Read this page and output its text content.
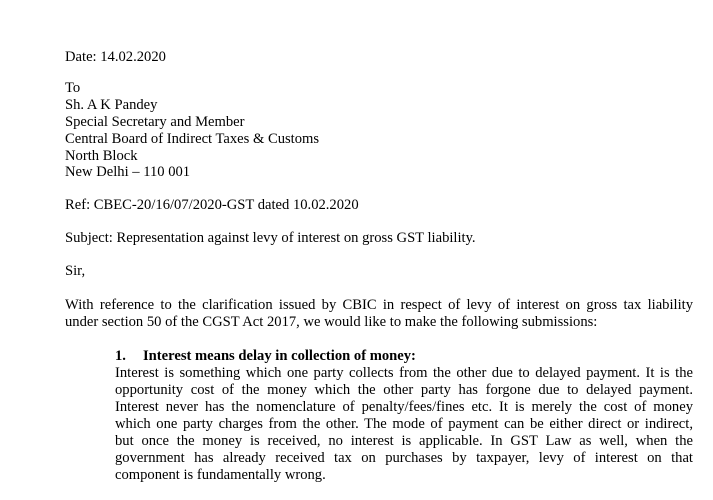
Date: 14.02.2020
To
Sh. A K Pandey
Special Secretary and Member
Central Board of Indirect Taxes & Customs
North Block
New Delhi – 110 001
Ref: CBEC-20/16/07/2020-GST dated 10.02.2020
Subject: Representation against levy of interest on gross GST liability.
Sir,
With reference to the clarification issued by CBIC in respect of levy of interest on gross tax liability
under section 50 of the CGST Act 2017, we would like to make the following submissions:
1. Interest means delay in collection of money:
Interest is something which one party collects from the other due to delayed payment. It is the
opportunity cost of the money which the other party has forgone due to delayed payment.
Interest never has the nomenclature of penalty/fees/fines etc. It is merely the cost of money
which one party charges from the other. The mode of payment can be either direct or indirect,
but once the money is received, no interest is applicable. In GST Law as well, when the
government has already received tax on purchases by taxpayer, levy of interest on that
component is fundamentally wrong.
